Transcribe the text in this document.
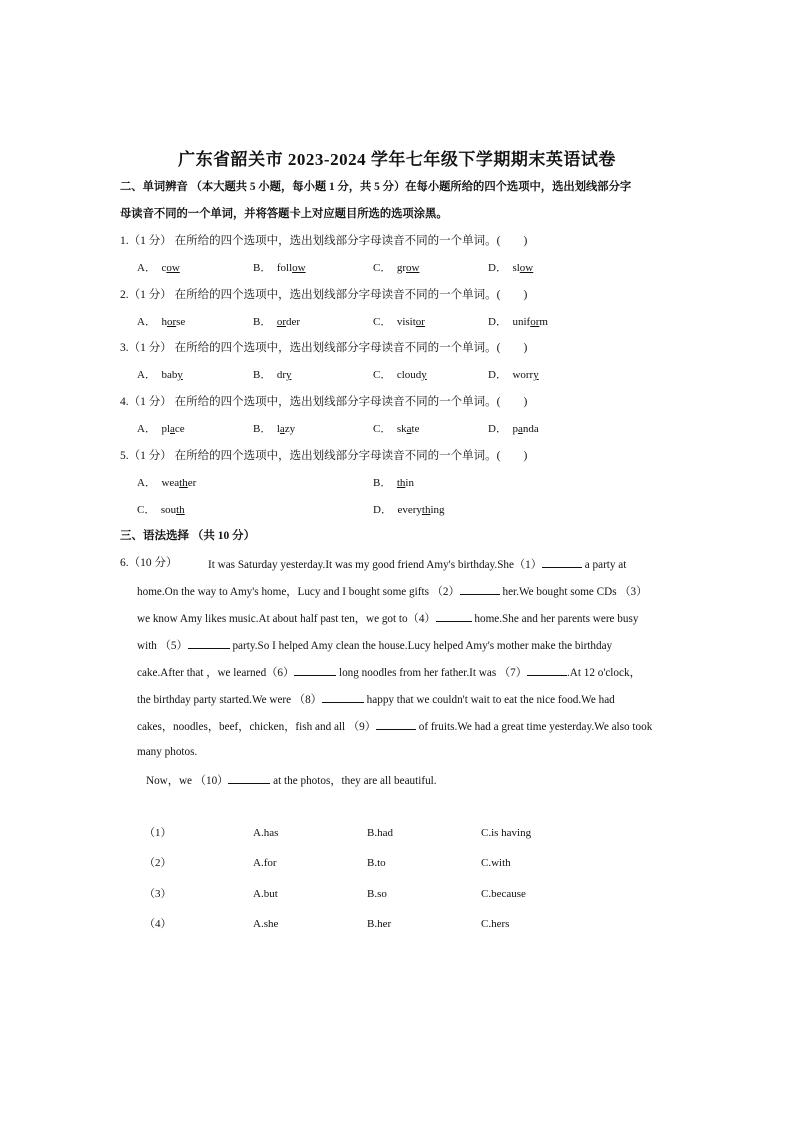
广东省韶关市 2023-2024 学年七年级下学期期末英语试卷
二、单词辨音 （本大题共 5 小题，每小题 1 分，共 5 分）在每小题所给的四个选项中，选出划线部分字
母读音不同的一个单词，并将答题卡上对应题目所选的选项涂黑。
1.（1 分） 在所给的四个选项中，选出划线部分字母读音不同的一个单词。(　　)
A． cow	B． follow	C． grow	D． slow
2.（1 分） 在所给的四个选项中，选出划线部分字母读音不同的一个单词。(　　)
A． horse	B． order	C． visitor	D． uniform
3.（1 分） 在所给的四个选项中，选出划线部分字母读音不同的一个单词。(　　)
A． baby	B． dry	C． cloudy	D． worry
4.（1 分） 在所给的四个选项中，选出划线部分字母读音不同的一个单词。(　　)
A． place	B． lazy	C． skate	D． panda
5.（1 分） 在所给的四个选项中，选出划线部分字母读音不同的一个单词。(　　)
A． weather	B． thin
C． south	D． everything
三、语法选择 （共 10 分）
6.（10 分）	It was Saturday yesterday.It was my good friend Amy's birthday.She（1）	a party at
home.On the way to Amy's home，Lucy and I bought some gifts （2）	her.We bought some CDs （3）
we know Amy likes music.At about half past ten，we got to（4）	home.She and her parents were busy
with （5）	party.So I helped Amy clean the house.Lucy helped Amy's mother make the birthday
cake.After that ，we learned（6）	long noodles from her father.It was （7）	.At 12 o'clock，
the birthday party started.We were （8）	happy that we couldn't wait to eat the nice food.We had
cakes，noodles，beef，chicken，fish and all （9）	of fruits.We had a great time yesterday.We also took
many photos.
Now，we （10）	at the photos，they are all beautiful.
（1）	A.has	B.had	C.is having
（2）	A.for	B.to	C.with
（3）	A.but	B.so	C.because
（4）	A.she	B.her	C.hers
